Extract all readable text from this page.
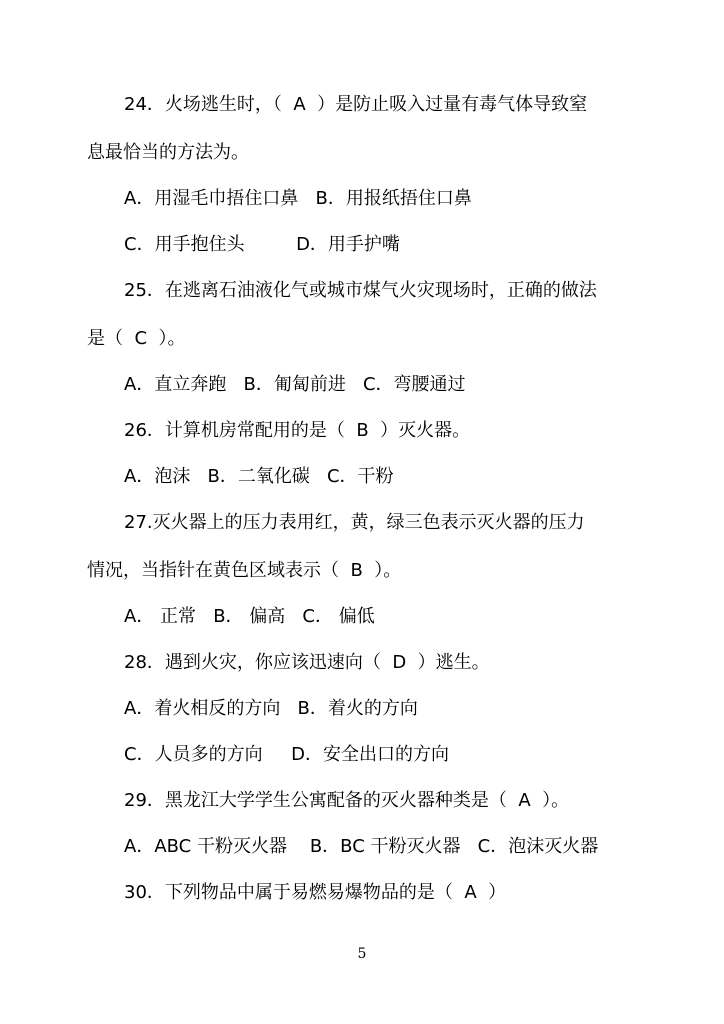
24．火场逃生时，（  A  ）是防止吸入过量有毒气体导致窒

息最恰当的方法为。

A．用湿毛巾捂住口鼻   B．用报纸捂住口鼻

C．用手抱住头         D．用手护嘴

25．在逃离石油液化气或城市煤气火灾现场时，正确的做法

是（  C  ）。

A．直立奔跑   B．匍匐前进   C．弯腰通过

26．计算机房常配用的是（  B  ）灭火器。

A．泡沫   B．二氧化碳   C．干粉

27.灭火器上的压力表用红，黄，绿三色表示灭火器的压力

情况，当指针在黄色区域表示（  B  ）。

A． 正常   B． 偏高   C． 偏低

28．遇到火灾，你应该迅速向（  D  ）逃生。

A．着火相反的方向   B．着火的方向

C．人员多的方向     D．安全出口的方向

29．黑龙江大学学生公寓配备的灭火器种类是（  A  ）。

A．ABC 干粉灭火器    B．BC 干粉灭火器   C．泡沫灭火器

30．下列物品中属于易燃易爆物品的是（  A  ）

5
